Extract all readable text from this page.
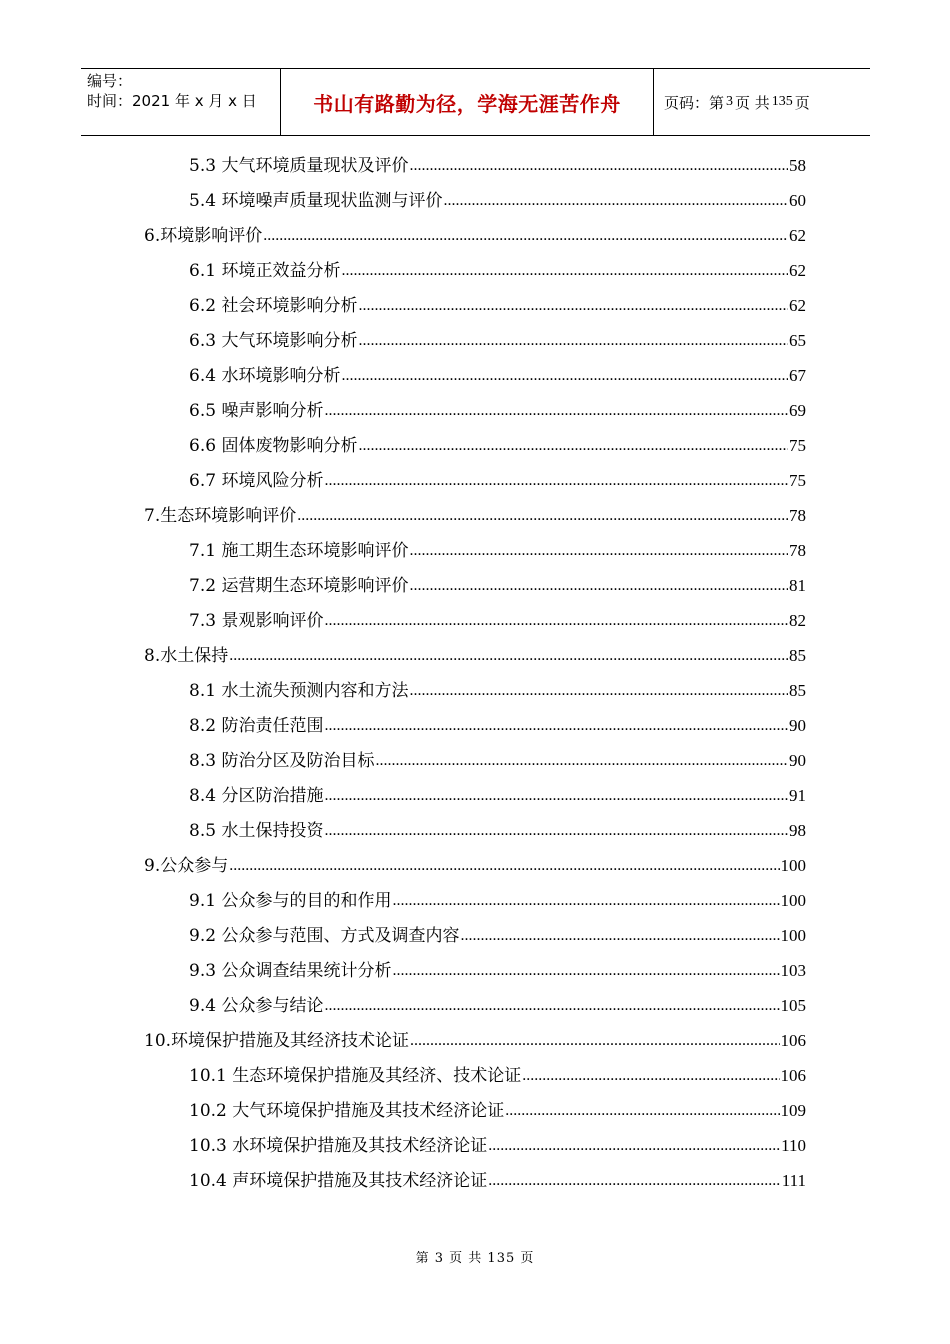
编号：
时间：2021 年 x 月 x 日	书山有路勤为径，学海无涯苦作舟	页码：第 3 页 共 135 页
5.3 大气环境质量现状及评价 .....	58
5.4 环境噪声质量现状监测与评价 .....	60
6.环境影响评价 .....	62
6.1 环境正效益分析 .....	62
6.2 社会环境影响分析 .....	62
6.3 大气环境影响分析 .....	65
6.4 水环境影响分析 .....	67
6.5 噪声影响分析 .....	69
6.6 固体废物影响分析 .....	75
6.7 环境风险分析 .....	75
7.生态环境影响评价 .....	78
7.1 施工期生态环境影响评价 .....	78
7.2 运营期生态环境影响评价 .....	81
7.3 景观影响评价 .....	82
8.水土保持 .....	85
8.1 水土流失预测内容和方法 .....	85
8.2 防治责任范围 .....	90
8.3 防治分区及防治目标 .....	90
8.4 分区防治措施 .....	91
8.5 水土保持投资 .....	98
9.公众参与 .....	100
9.1 公众参与的目的和作用 .....	100
9.2 公众参与范围、方式及调查内容 .....	100
9.3 公众调查结果统计分析 .....	103
9.4 公众参与结论 .....	105
10.环境保护措施及其经济技术论证 .....	106
10.1 生态环境保护措施及其经济、技术论证 .....	106
10.2 大气环境保护措施及其技术经济论证 .....	109
10.3 水环境保护措施及其技术经济论证 .....	110
10.4 声环境保护措施及其技术经济论证 .....	111
第 3 页 共 135 页
